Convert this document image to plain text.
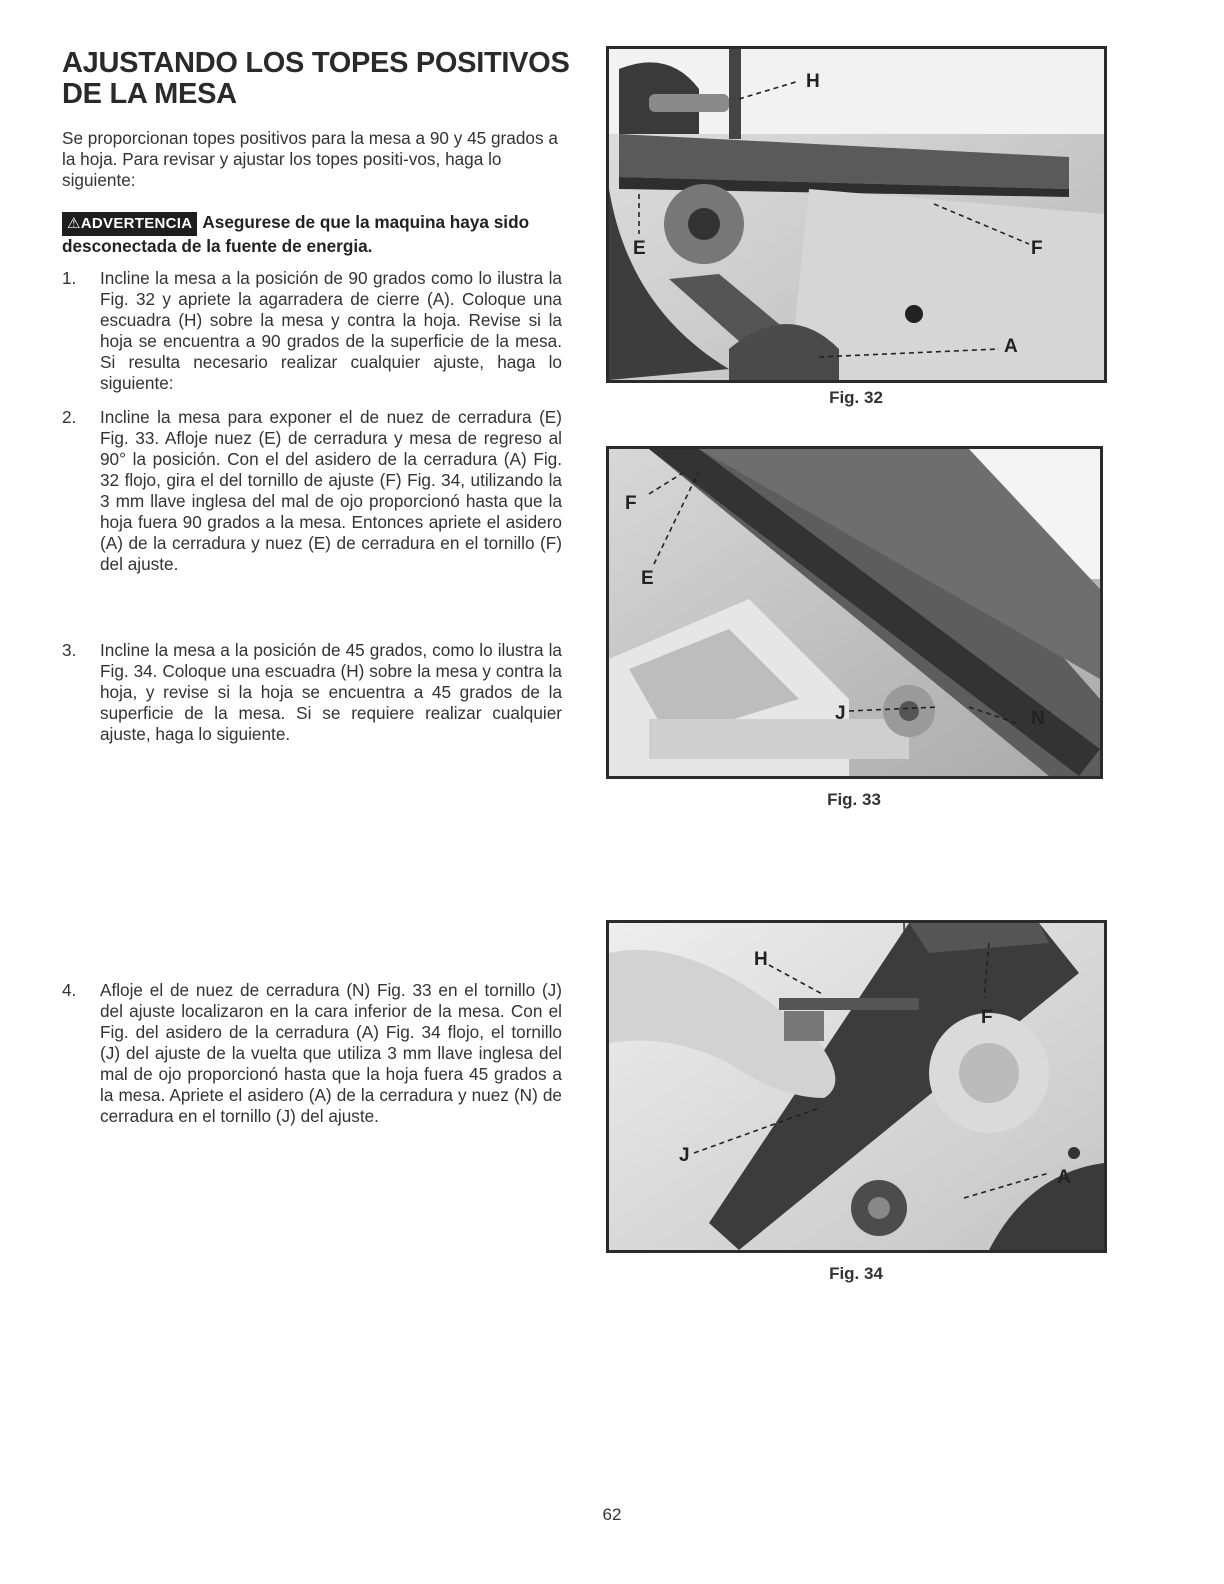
AJUSTANDO LOS TOPES POSITIVOS DE LA MESA
Se proporcionan topes positivos para la mesa a 90 y 45 grados a la hoja. Para revisar y ajustar los topes positi-vos, haga lo siguiente:
⚠ADVERTENCIA Asegurese de que la maquina haya sido desconectada de la fuente de energia.
1.	Incline la mesa a la posición de 90 grados como lo ilustra la Fig. 32 y apriete la agarradera de cierre (A). Coloque una escuadra (H) sobre la mesa y contra la hoja. Revise si la hoja se encuentra a 90 grados de la superficie de la mesa. Si resulta necesario realizar cualquier ajuste, haga lo siguiente:
2.	Incline la mesa para exponer el de nuez de cerradura (E) Fig. 33. Afloje nuez (E) de cerradura y mesa de regreso al 90° la posición. Con el del asidero de la cerradura (A) Fig. 32 flojo, gira el del tornillo de ajuste (F) Fig. 34, utilizando la 3 mm llave inglesa del mal de ojo proporcionó hasta que la hoja fuera 90 grados a la mesa. Entonces apriete el asidero (A) de la cerradura y nuez (E) de cerradura en el tornillo (F) del ajuste.
3.	Incline la mesa a la posición de 45 grados, como lo ilustra la Fig. 34. Coloque una escuadra (H) sobre la mesa y contra la hoja, y revise si la hoja se encuentra a 45 grados de la superficie de la mesa. Si se requiere realizar cualquier ajuste, haga lo siguiente.
4.	Afloje el de nuez de cerradura (N) Fig. 33 en el tornillo (J) del ajuste localizaron en la cara inferior de la mesa. Con el Fig. del asidero de la cerradura (A) Fig. 34 flojo, el tornillo (J) del ajuste de la vuelta que utiliza 3 mm llave inglesa del mal de ojo proporcionó hasta que la hoja fuera 45 grados a la mesa. Apriete el asidero (A) de la cerradura y nuez (N) de cerradura en el tornillo (J) del ajuste.
H
F
E
A
Fig. 32
F
E
J	N
Fig. 33
H
F
J
A
Fig. 34
62
